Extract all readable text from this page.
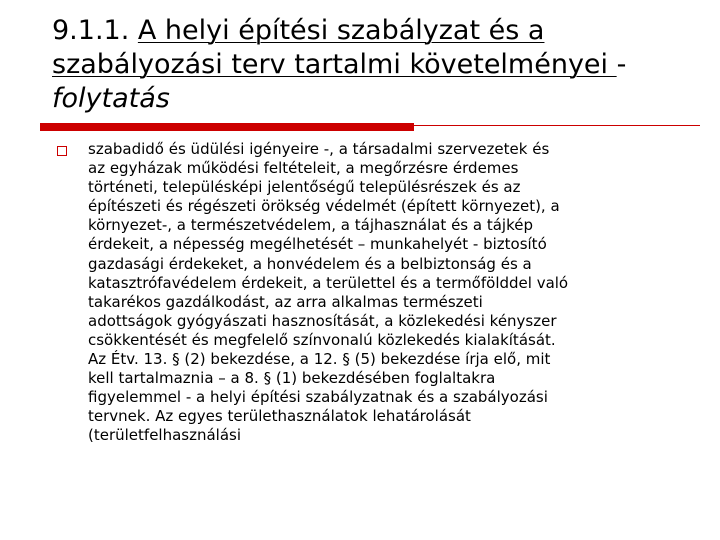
9.1.1. A helyi építési szabályzat és a szabályozási terv tartalmi követelményei -
folytatás

szabadidő és üdülési igényeire -, a társadalmi szervezetek és
az egyházak működési feltételeit, a megőrzésre érdemes
történeti, településképi jelentőségű településrészek és az
építészeti és régészeti örökség védelmét (épített környezet), a
környezet-, a természetvédelem, a tájhasználat és a tájkép
érdekeit, a népesség megélhetését – munkahelyét - biztosító
gazdasági érdekeket, a honvédelem és a belbiztonság és a
katasztrófavédelem érdekeit, a területtel és a termőfölddel való
takarékos gazdálkodást, az arra alkalmas természeti
adottságok gyógyászati hasznosítását, a közlekedési kényszer
csökkentését és megfelelő színvonalú közlekedés kialakítását.
Az Étv. 13. § (2) bekezdése, a 12. § (5) bekezdése írja elő, mit
kell tartalmaznia – a 8. § (1) bekezdésében foglaltakra
figyelemmel - a helyi építési szabályzatnak és a szabályozási
tervnek. Az egyes területhasználatok lehatárolását
(területfelhasználási
